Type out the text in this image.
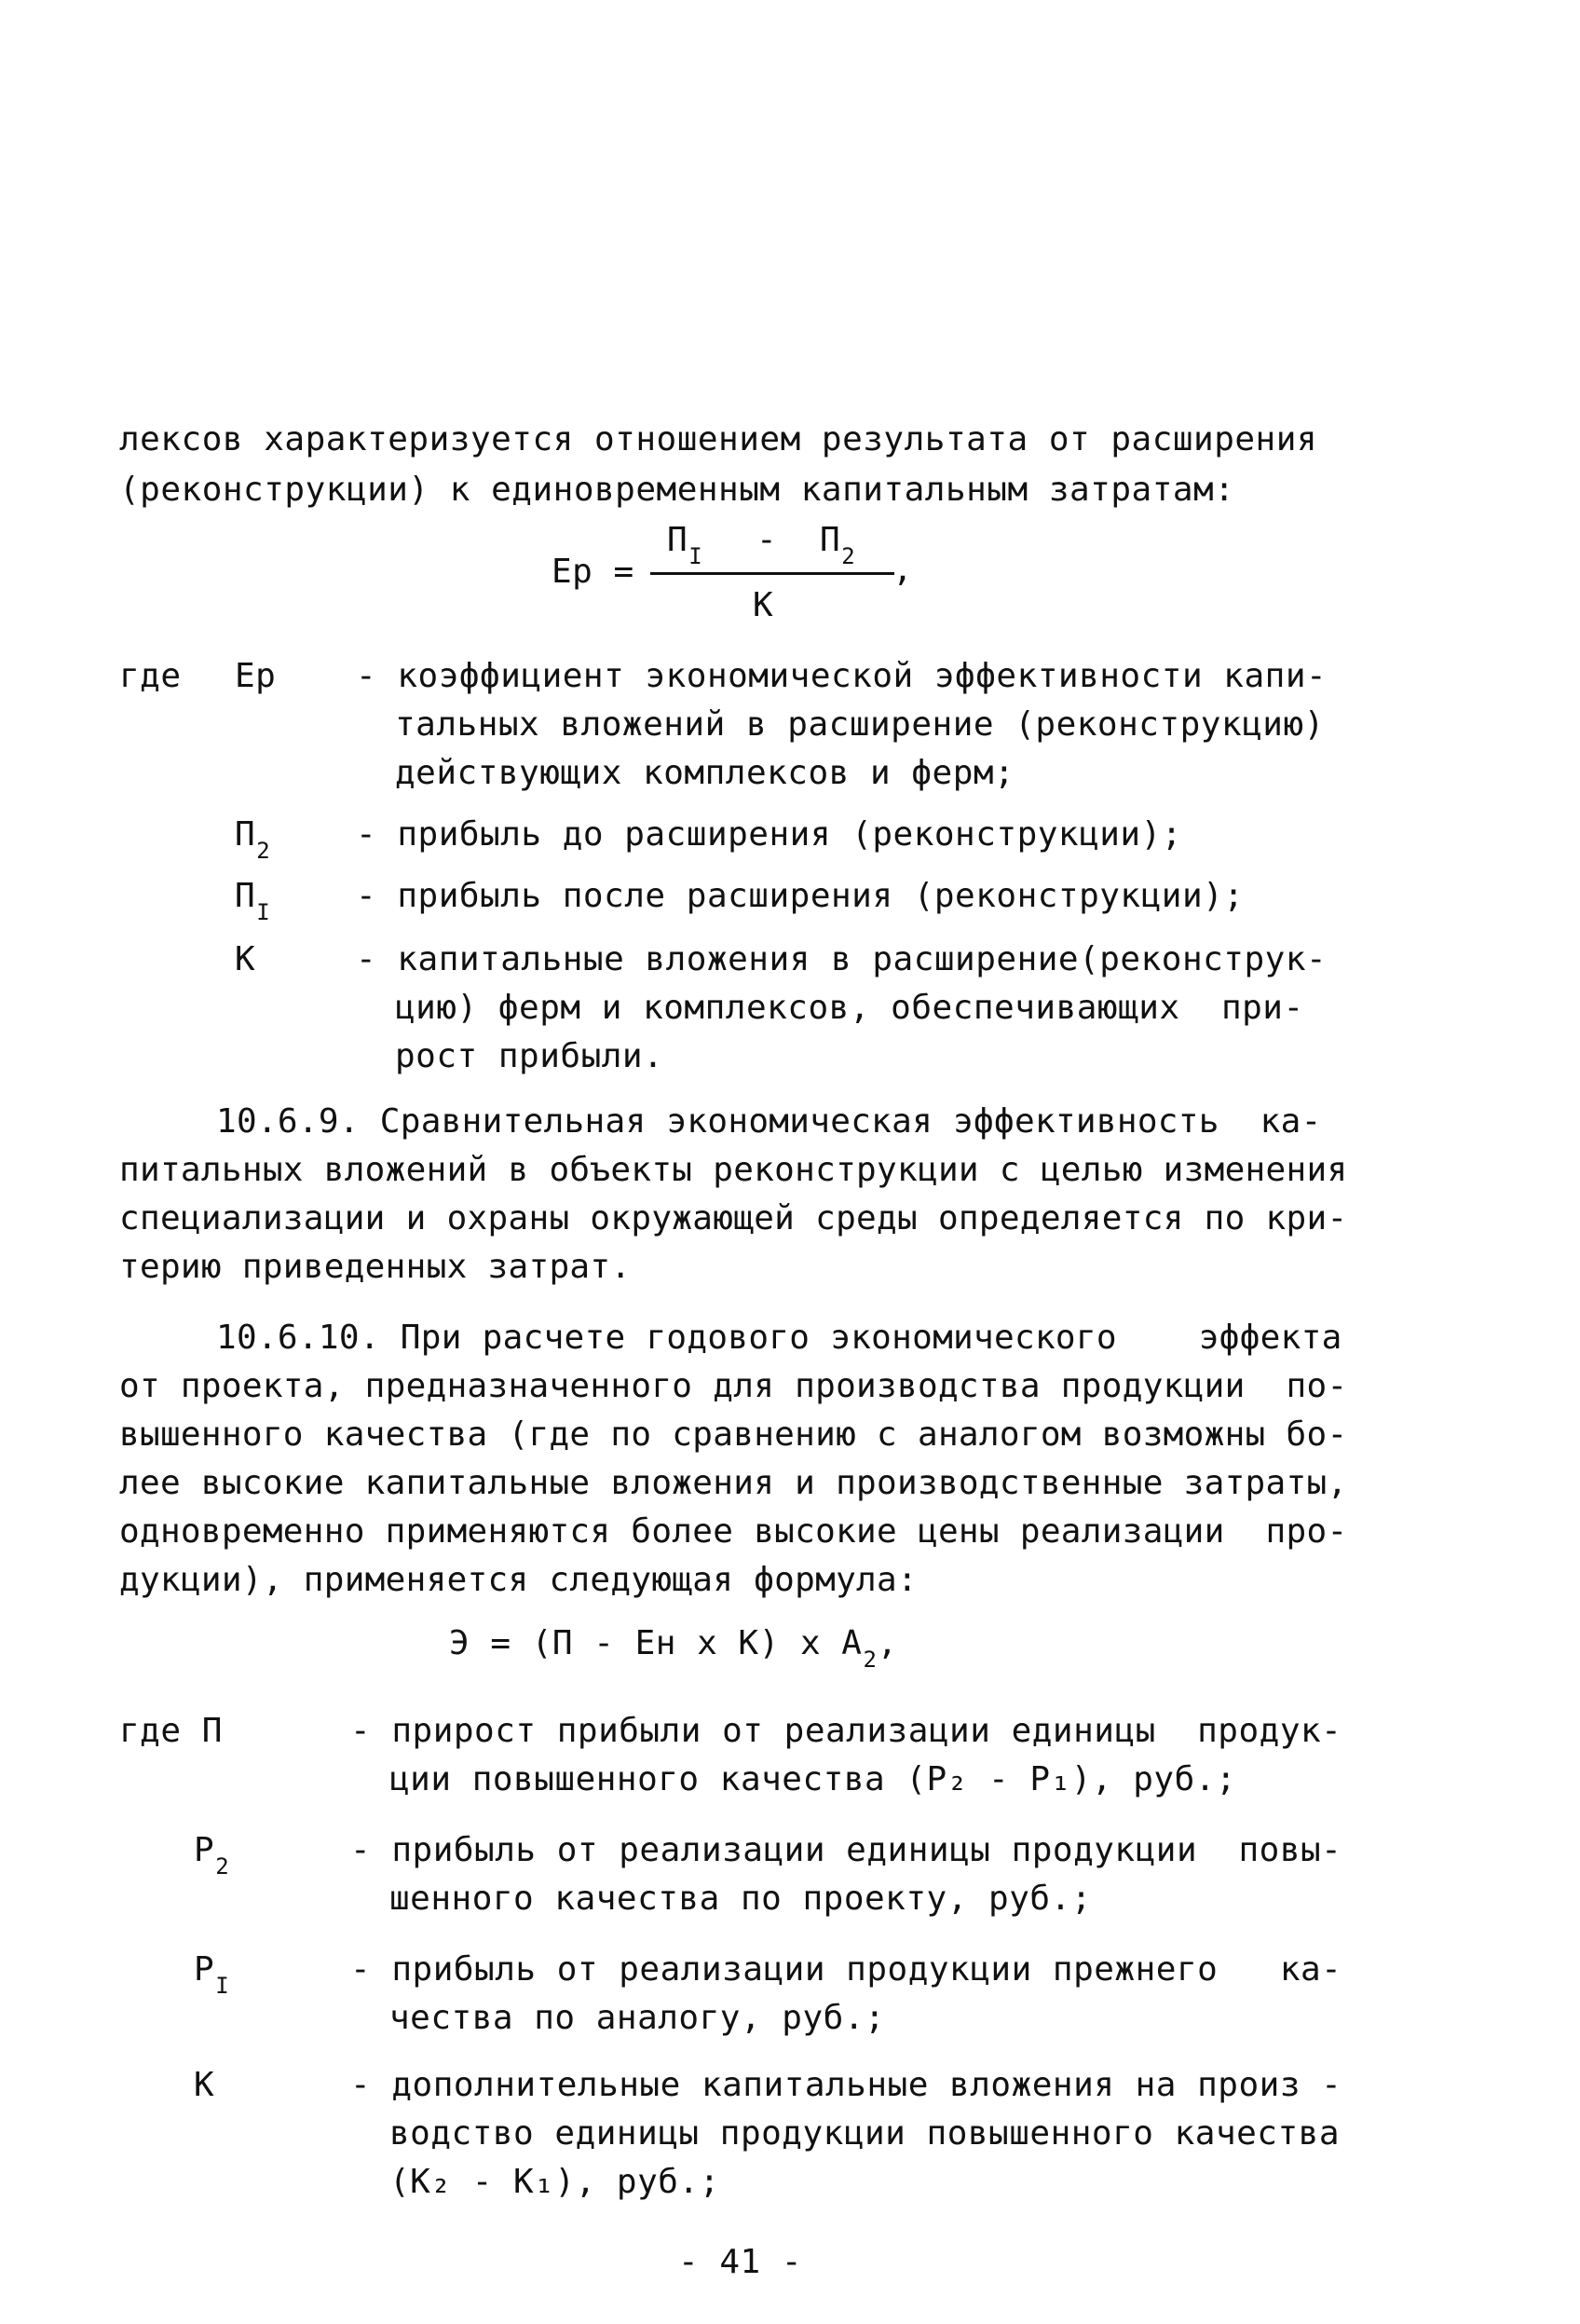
лексов характеризуется отношением результата от расширения
(реконструкции) к единовременным капитальным затратам:
Ер =
$П_I - П_2$ ,
К
где Ер - коэффициент экономической эффективности капи-
тальных вложений в расширение (реконструкцию)
действующих комплексов и ферм;
$П_2$	- прибыль до расширения (реконструкции);
$П_I$	- прибыль после расширения (реконструкции);
К	- капитальные вложения в расширение(реконструк-
цию) ферм и комплексов, обеспечивающих  при-
рост прибыли.
10.6.9. Сравнительная экономическая эффективность  ка-
питальных вложений в объекты реконструкции с целью изменения
специализации и охраны окружающей среды определяется по кри-
терию приведенных затрат.
10.6.10. При расчете годового экономического    эффекта
от проекта, предназначенного для производства продукции  по-
вышенного качества (где по сравнению с аналогом возможны бо-
лее высокие капитальные вложения и производственные затраты,
одновременно применяются более высокие цены реализации  про-
дукции), применяется следующая формула:
Э = (П - Ен х К) х $А_2$,
где П	- прирост прибыли от реализации единицы  продук-
ции повышенного качества (Р₂ - Р₁), руб.;
$Р_2$	- прибыль от реализации единицы продукции  повы-
шенного качества по проекту, руб.;
$Р_I$	- прибыль от реализации продукции прежнего   ка-
чества по аналогу, руб.;
К	- дополнительные капитальные вложения на произ -
водство единицы продукции повышенного качества
(К₂ - К₁), руб.;
- 41 -
